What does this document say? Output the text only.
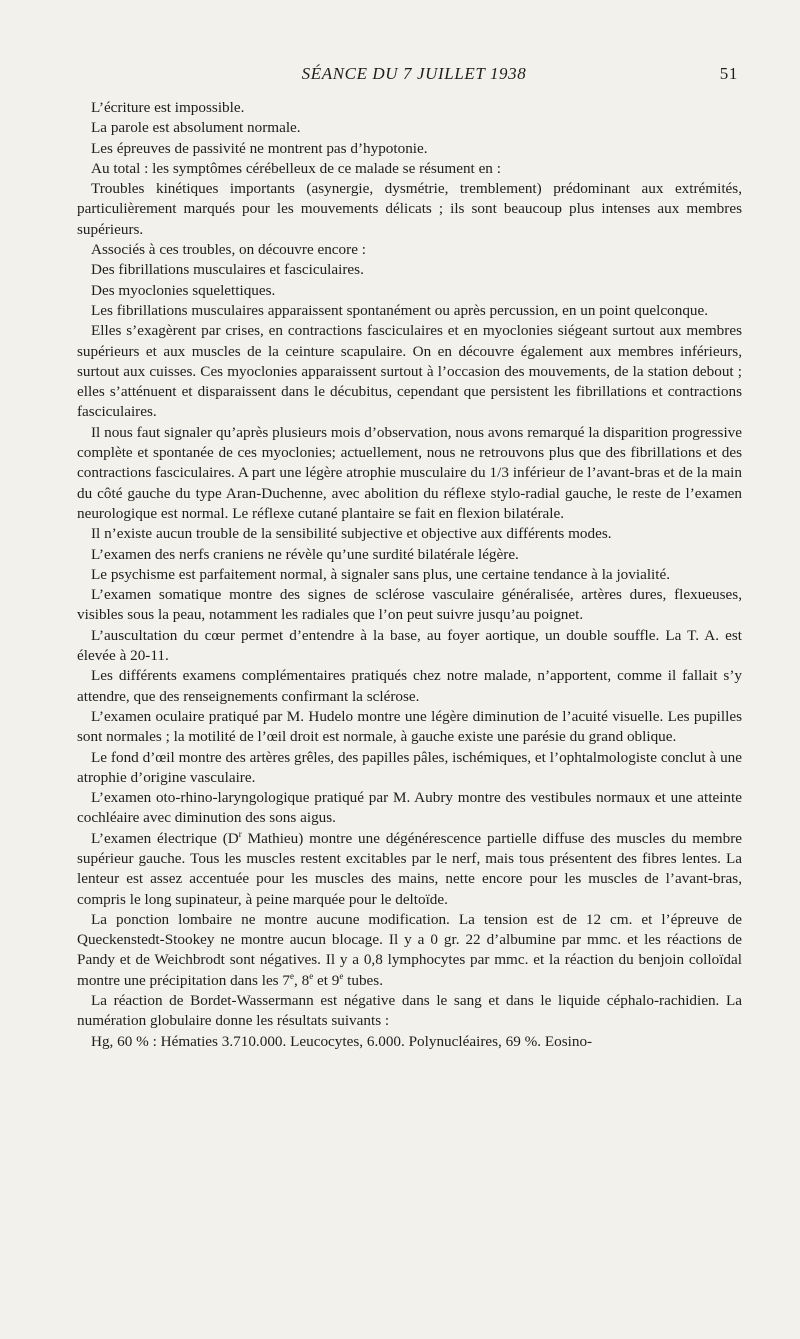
SÉANCE DU 7 JUILLET 1938	51

L’écriture est impossible.

La parole est absolument normale.

Les épreuves de passivité ne montrent pas d’hypotonie.

Au total : les symptômes cérébelleux de ce malade se résument en :

Troubles kinétiques importants (asynergie, dysmétrie, tremblement) prédominant aux extrémités, particulièrement marqués pour les mouvements délicats ; ils sont beaucoup plus intenses aux membres supérieurs.

Associés à ces troubles, on découvre encore :

Des fibrillations musculaires et fasciculaires.

Des myoclonies squelettiques.

Les fibrillations musculaires apparaissent spontanément ou après percussion, en un point quelconque.

Elles s’exagèrent par crises, en contractions fasciculaires et en myoclonies siégeant surtout aux membres supérieurs et aux muscles de la ceinture scapulaire. On en découvre également aux membres inférieurs, surtout aux cuisses. Ces myoclonies apparaissent surtout à l’occasion des mouvements, de la station debout ; elles s’atténuent et disparaissent dans le décubitus, cependant que persistent les fibrillations et contractions fasciculaires.

Il nous faut signaler qu’après plusieurs mois d’observation, nous avons remarqué la disparition progressive complète et spontanée de ces myoclonies; actuellement, nous ne retrouvons plus que des fibrillations et des contractions fasciculaires. A part une légère atrophie musculaire du 1/3 inférieur de l’avant-bras et de la main du côté gauche du type Aran-Duchenne, avec abolition du réflexe stylo-radial gauche, le reste de l’examen neurologique est normal. Le réflexe cutané plantaire se fait en flexion bilatérale.

Il n’existe aucun trouble de la sensibilité subjective et objective aux différents modes.

L’examen des nerfs craniens ne révèle qu’une surdité bilatérale légère.

Le psychisme est parfaitement normal, à signaler sans plus, une certaine tendance à la jovialité.

L’examen somatique montre des signes de sclérose vasculaire généralisée, artères dures, flexueuses, visibles sous la peau, notamment les radiales que l’on peut suivre jusqu’au poignet.

L’auscultation du cœur permet d’entendre à la base, au foyer aortique, un double souffle. La T. A. est élevée à 20-11.

Les différents examens complémentaires pratiqués chez notre malade, n’apportent, comme il fallait s’y attendre, que des renseignements confirmant la sclérose.

L’examen oculaire pratiqué par M. Hudelo montre une légère diminution de l’acuité visuelle. Les pupilles sont normales ; la motilité de l’œil droit est normale, à gauche existe une parésie du grand oblique.

Le fond d’œil montre des artères grêles, des papilles pâles, ischémiques, et l’ophtalmologiste conclut à une atrophie d’origine vasculaire.

L’examen oto-rhino-laryngologique pratiqué par M. Aubry montre des vestibules normaux et une atteinte cochléaire avec diminution des sons aigus.

L’examen électrique ($D^r$ Mathieu) montre une dégénérescence partielle diffuse des muscles du membre supérieur gauche. Tous les muscles restent excitables par le nerf, mais tous présentent des fibres lentes. La lenteur est assez accentuée pour les muscles des mains, nette encore pour les muscles de l’avant-bras, compris le long supinateur, à peine marquée pour le deltoïde.

La ponction lombaire ne montre aucune modification. La tension est de 12 cm. et l’épreuve de Queckenstedt-Stookey ne montre aucun blocage. Il y a 0 gr. 22 d’albumine par mmc. et les réactions de Pandy et de Weichbrodt sont négatives. Il y a 0,8 lymphocytes par mmc. et la réaction du benjoin colloïdal montre une précipitation dans les 7e, 8e et 9e tubes.

La réaction de Bordet-Wassermann est négative dans le sang et dans le liquide céphalo-rachidien. La numération globulaire donne les résultats suivants :

Hg, 60 % : Hématies 3.710.000. Leucocytes, 6.000. Polynucléaires, 69 %. Eosino-
